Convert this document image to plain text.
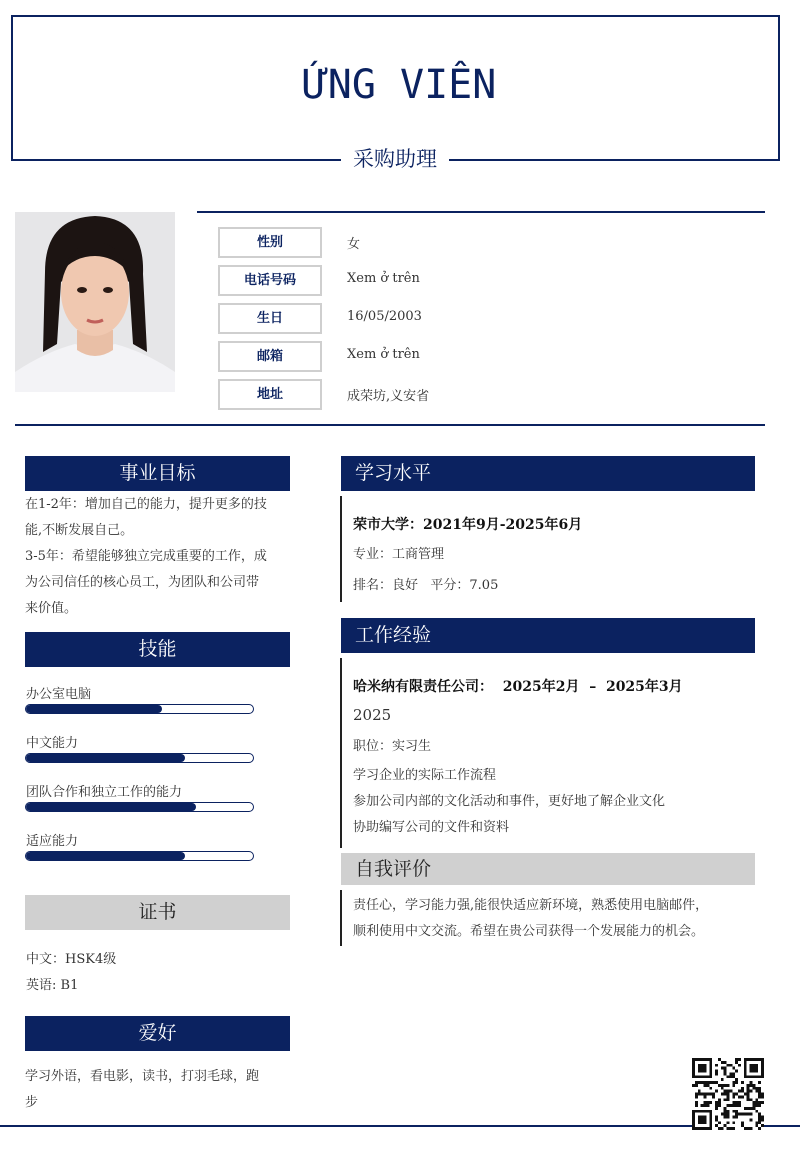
ỨNG VIÊN
采购助理
性别	女
电话号码	Xem ở trên
生日	16/05/2003
邮箱	Xem ở trên
地址	成荣坊,义安省
事业目标
在1-2年：增加自己的能力，提升更多的技
能,不断发展自己。
3-5年：希望能够独立完成重要的工作，成
为公司信任的核心员工，为团队和公司带
来价值。
技能
办公室电脑
中文能力
团队合作和独立工作的能力
适应能力
证书
中文：HSK4级
英语: B1
爱好
学习外语，看电影，读书，打羽毛球，跑
步
学习水平
荣市大学：2021年9月-2025年6月
专业：工商管理
排名：良好   平分：7.05
工作经验
哈米纳有限责任公司：  2025年2月  –  2025年3月
2025
职位：实习生
学习企业的实际工作流程
参加公司内部的文化活动和事件，更好地了解企业文化
协助编写公司的文件和资料
自我评价
责任心，学习能力强,能很快适应新环境，熟悉使用电脑邮件，
顺利使用中文交流。希望在贵公司获得一个发展能力的机会。
